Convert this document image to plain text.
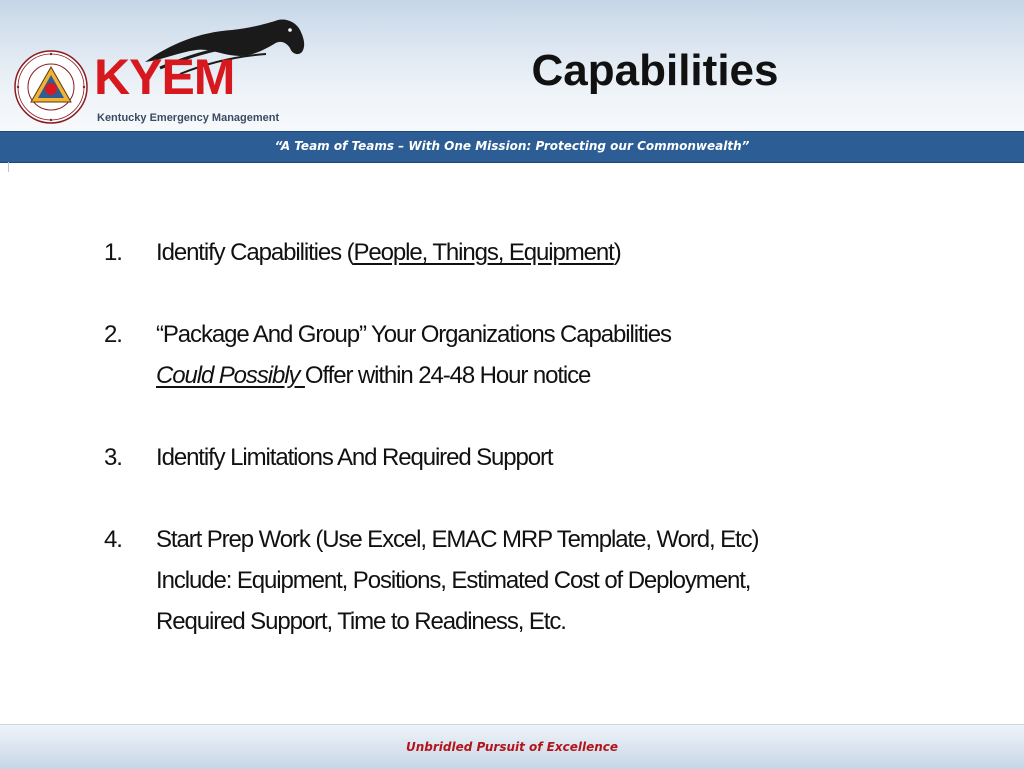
KYEM
Kentucky Emergency Management
Capabilities
“A Team of Teams – With One Mission: Protecting our Commonwealth”
1. Identify Capabilities (People, Things, Equipment)
2. “Package And Group” Your Organizations Capabilities
Could Possibly Offer within 24-48 Hour notice
3. Identify Limitations And Required Support
4. Start Prep Work (Use Excel, EMAC MRP Template, Word, Etc)
Include: Equipment, Positions, Estimated Cost of Deployment,
Required Support, Time to Readiness, Etc.
Unbridled Pursuit of Excellence
